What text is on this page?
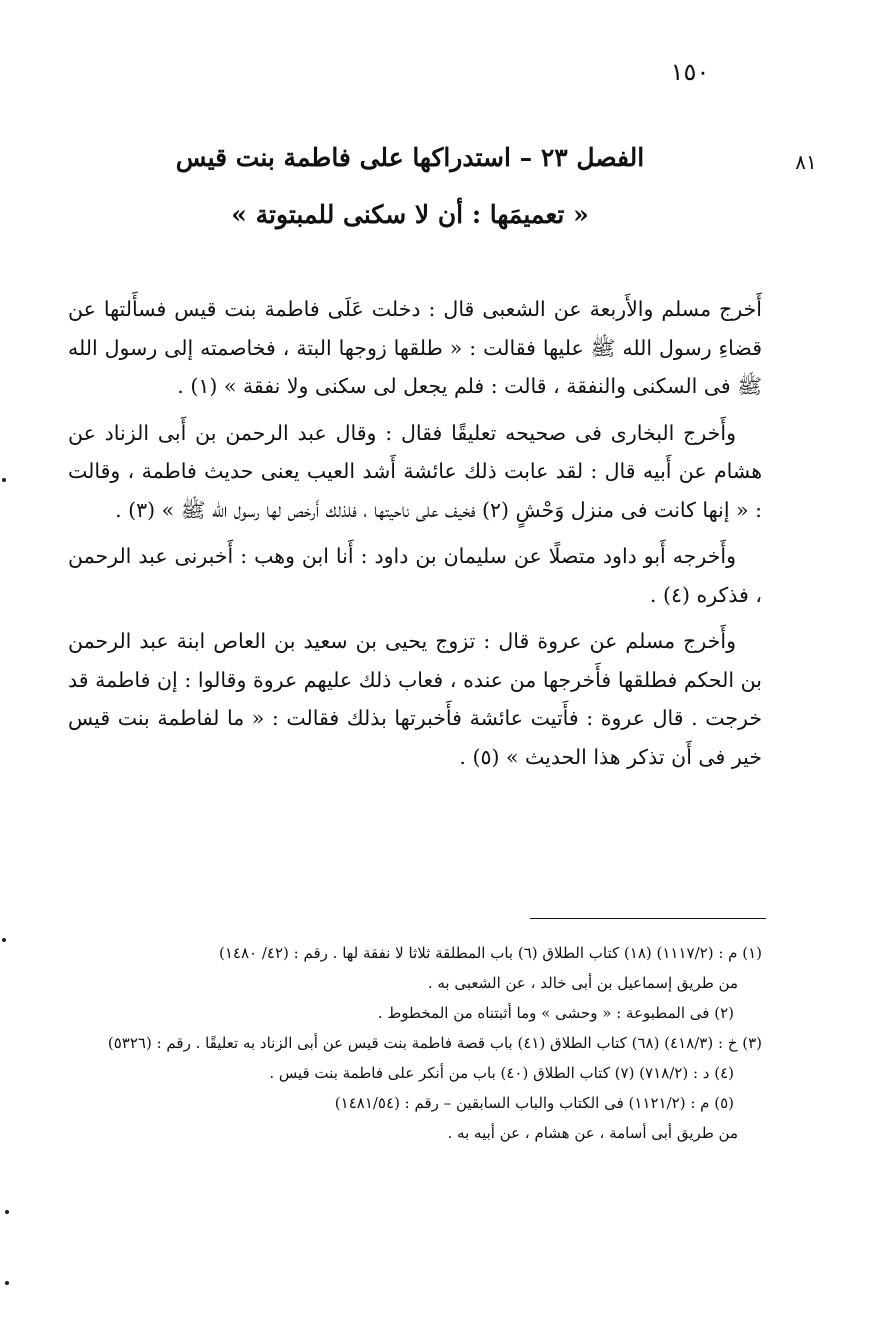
١٥٠
٨١
الفصل ٢٣ – استدراكها على فاطمة بنت قيس
« تعميمَها : أن لا سكنى للمبتوتة »

أَخرج مسلم والأَربعة عن الشعبى قال : دخلت عَلَى فاطمة بنت قيس فسأَلتها عن قضاءِ رسول الله ﷺ عليها فقالت : « طلقها زوجها البتة ، فخاصمته إلى رسول الله ﷺ فى السكنى والنفقة ، قالت : فلم يجعل لى سكنى ولا نفقة » (١) .

وأَخرج البخارى فى صحيحه تعليقًا فقال : وقال عبد الرحمن بن أَبى الزناد عن هشام عن أَبيه قال : لقد عابت ذلك عائشة أَشد العيب يعنى حديث فاطمة ، وقالت : « إنها كانت فى منزل وَحْشٍ (٢) فخيف على ناحيتها ، فلذلك أَرخص لها رسول الله ﷺ » (٣) .

وأَخرجه أَبو داود متصلًا عن سليمان بن داود : أَنا ابن وهب : أَخبرنى عبد الرحمن ، فذكره (٤) .

وأَخرج مسلم عن عروة قال : تزوج يحيى بن سعيد بن العاص ابنة عبد الرحمن بن الحكم فطلقها فأَخرجها من عنده ، فعاب ذلك عليهم عروة وقالوا : إن فاطمة قد خرجت . قال عروة : فأَتيت عائشة فأَخبرتها بذلك فقالت : « ما لفاطمة بنت قيس خير فى أَن تذكر هذا الحديث » (٥) .

(١) م : (١١١٧/٢) (١٨) كتاب الطلاق (٦) باب المطلقة ثلاثا لا نفقة لها . رقم : (٤٢/ ١٤٨٠)

من طريق إسماعيل بن أبى خالد ، عن الشعبى به .

(٢) فى المطبوعة : « وحشى » وما أثبتناه من المخطوط .

(٣) خ : (٤١٨/٣) (٦٨) كتاب الطلاق (٤١) باب قصة فاطمة بنت قيس عن أبى الزناد به تعليقًا . رقم : (٥٣٢٦)

(٤) د : (٧١٨/٢) (٧) كتاب الطلاق (٤٠) باب من أنكر على فاطمة بنت قيس .

(٥) م : (١١٢١/٢) فى الكتاب والباب السابقين – رقم : (١٤٨١/٥٤)

من طريق أبى أسامة ، عن هشام ، عن أبيه به .
